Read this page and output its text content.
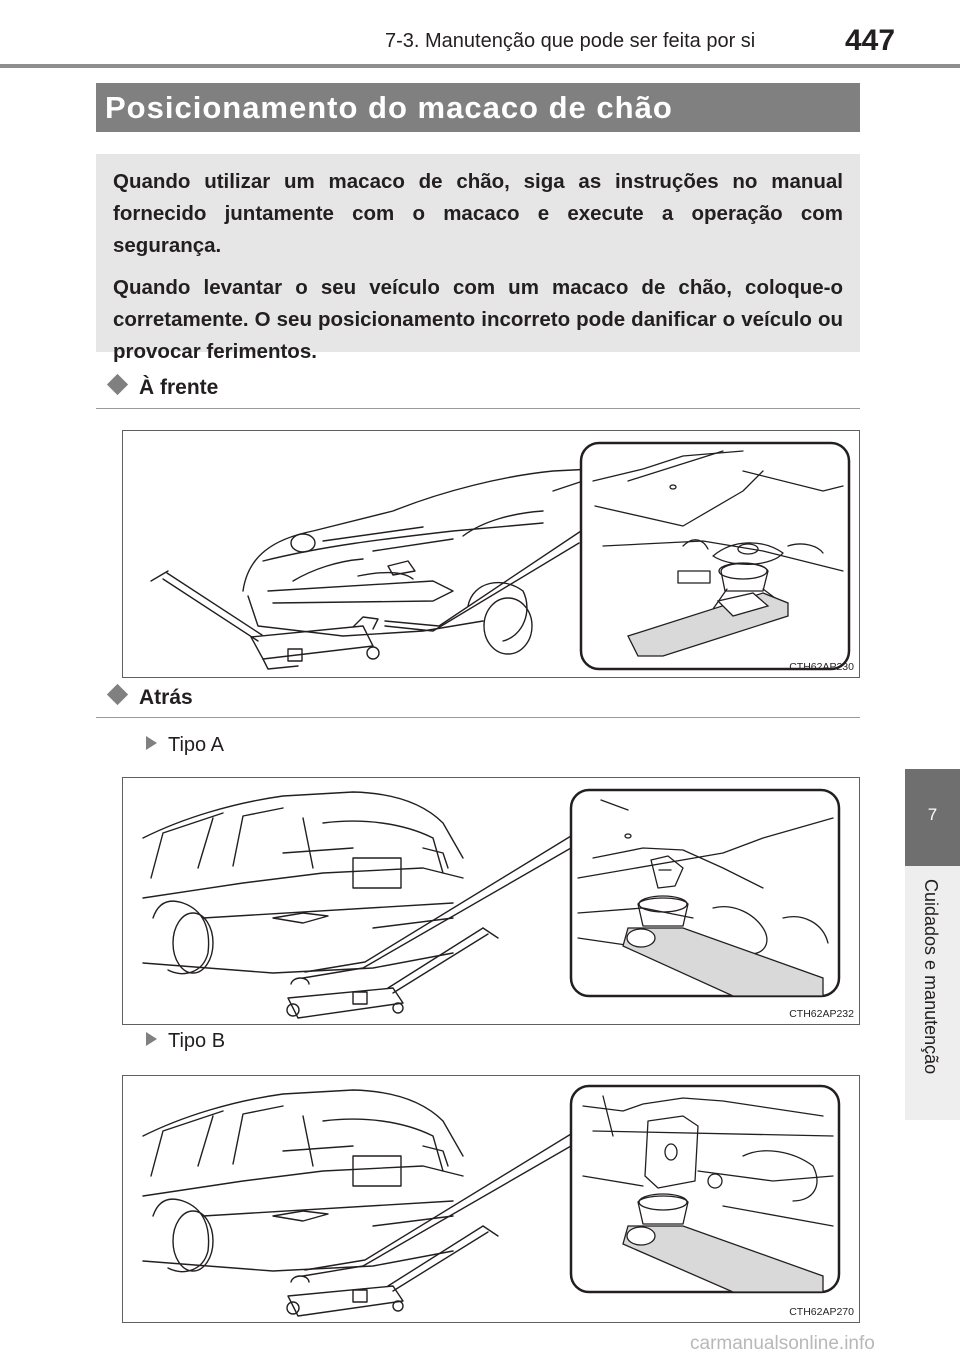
7-3. Manutenção que pode ser feita por si	447
7
Cuidados e manutenção
Posicionamento do macaco de chão

Quando utilizar um macaco de chão, siga as instruções no manual fornecido juntamente com o macaco e execute a operação com segurança.

Quando levantar o seu veículo com um macaco de chão, coloque-o corretamente. O seu posicionamento incorreto pode danificar o veículo ou provocar ferimentos.

À frente
CTH62AP230
Atrás
Tipo A
CTH62AP232
Tipo B
CTH62AP270
carmanualsonline.info
